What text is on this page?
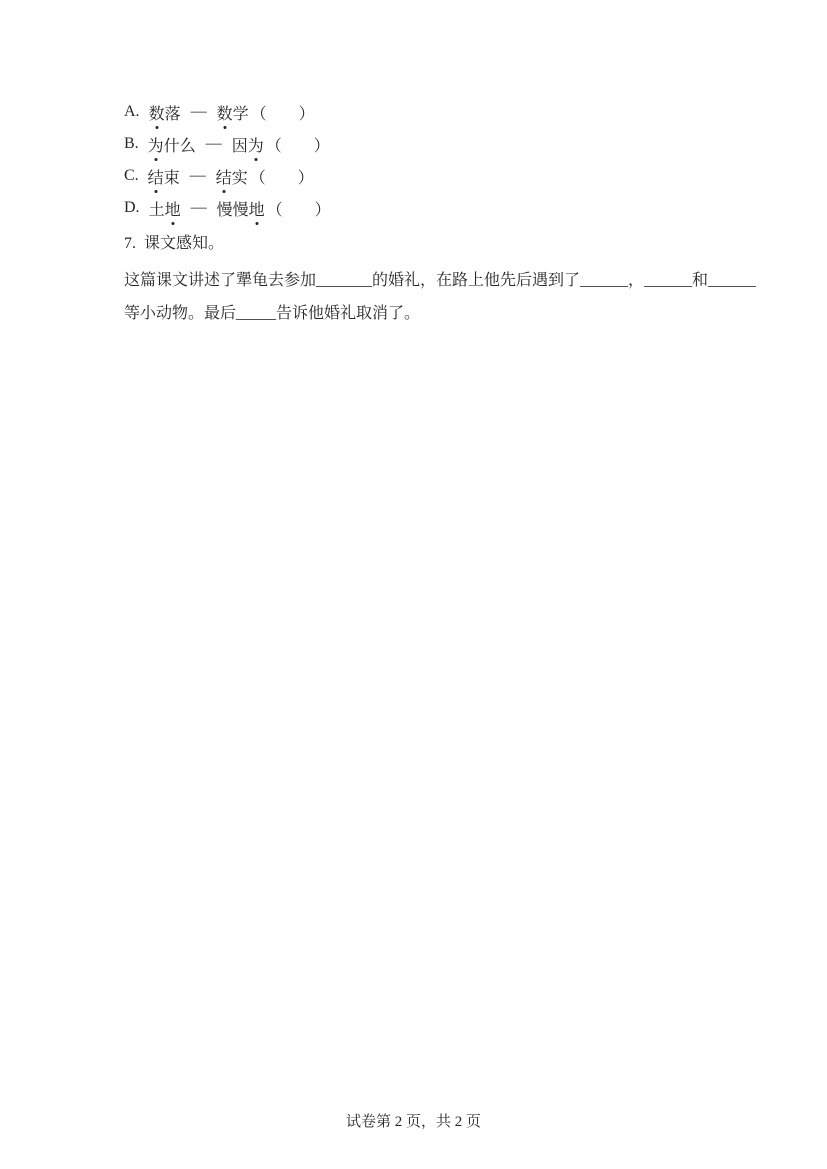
A. 数落 — 数学 （　　）
B. 为什么 — 因为 （　　）
C. 结束 — 结实 （　　）
D. 土地 — 慢慢地 （　　）
7. 课文感知。

这篇课文讲述了犟龟去参加_______的婚礼，在路上他先后遇到了______，______和______

等小动物。最后_____告诉他婚礼取消了。

试卷第 2 页，共 2 页
